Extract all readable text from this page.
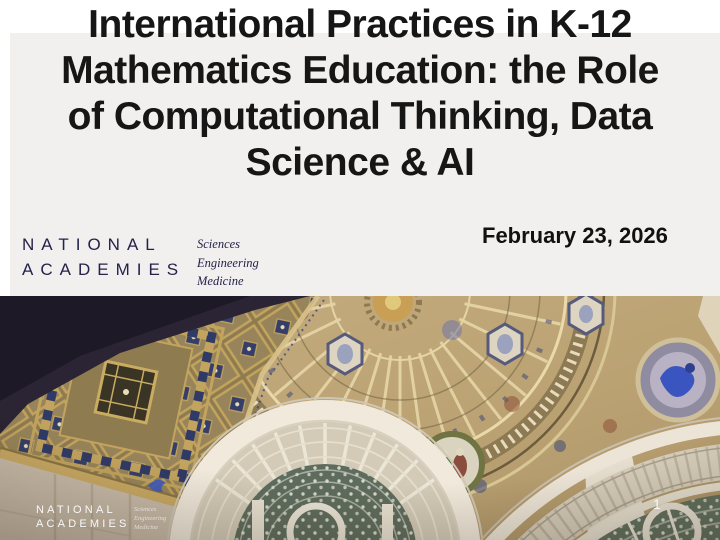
International Practices in K-12
Mathematics Education: the Role
of Computational Thinking, Data
Science & AI
NATIONAL
ACADEMIES
Sciences
Engineering
Medicine
February 23, 2026
NATIONAL
ACADEMIES
Sciences
Engineering
Medicine
1
